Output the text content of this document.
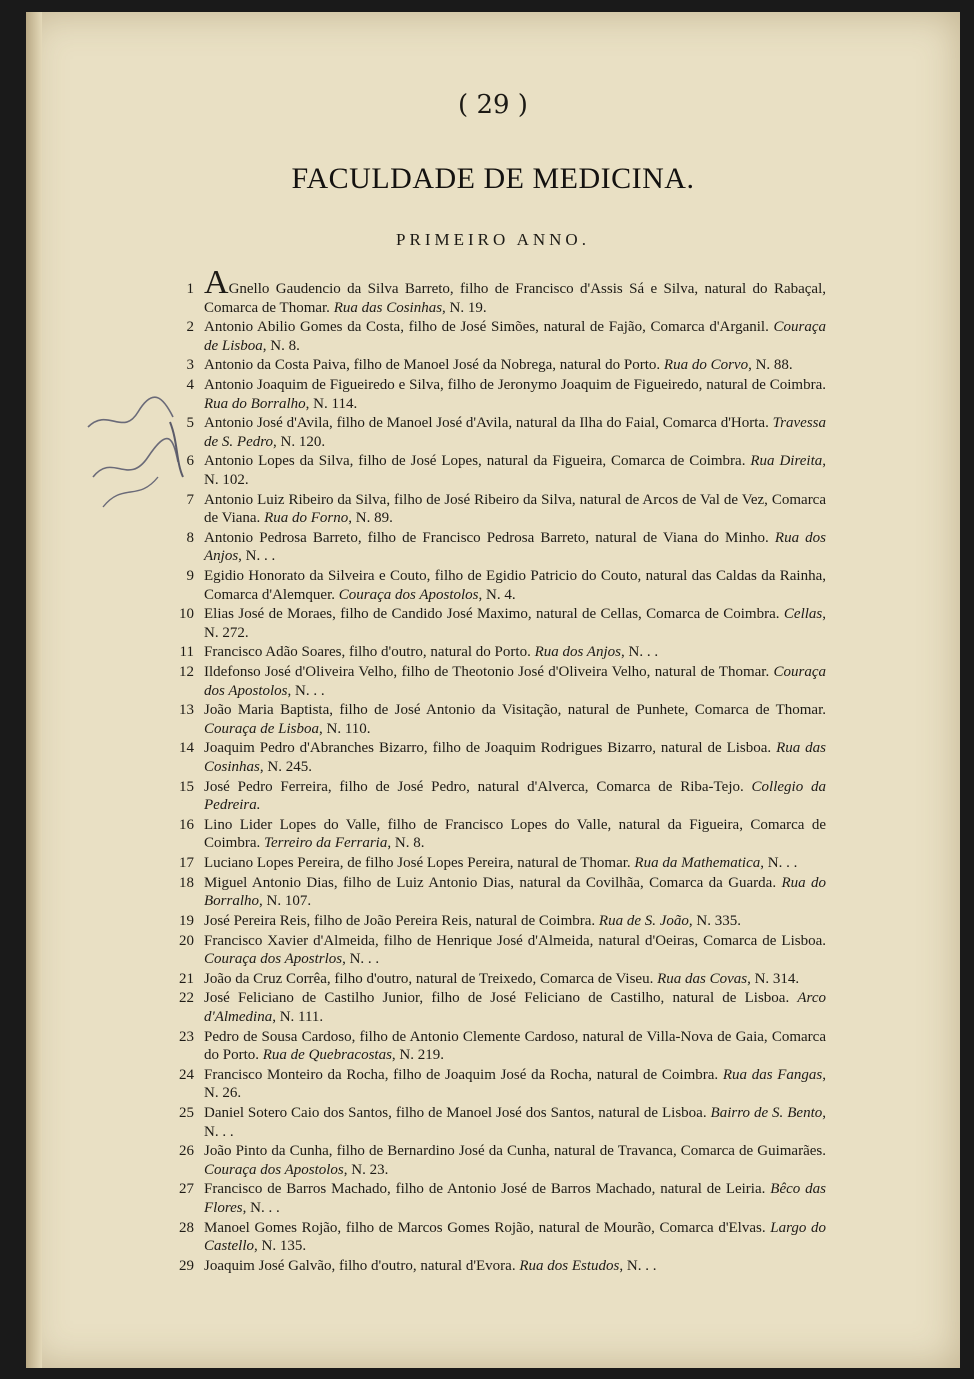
( 29 )
FACULDADE DE MEDICINA.
PRIMEIRO ANNO.
1 AGnello Gaudencio da Silva Barreto, filho de Francisco d'Assis Sá e Silva, natural do Rabaçal, Comarca de Thomar. Rua das Cosinhas, N. 19.
2 Antonio Abilio Gomes da Costa, filho de José Simões, natural de Fajão, Comarca d'Arganil. Couraça de Lisboa, N. 8.
3 Antonio da Costa Paiva, filho de Manoel José da Nobrega, natural do Porto. Rua do Corvo, N. 88.
4 Antonio Joaquim de Figueiredo e Silva, filho de Jeronymo Joaquim de Figueiredo, natural de Coimbra. Rua do Borralho, N. 114.
5 Antonio José d'Avila, filho de Manoel José d'Avila, natural da Ilha do Faial, Comarca d'Horta. Travessa de S. Pedro, N. 120.
6 Antonio Lopes da Silva, filho de José Lopes, natural da Figueira, Comarca de Coimbra. Rua Direita, N. 102.
7 Antonio Luiz Ribeiro da Silva, filho de José Ribeiro da Silva, natural de Arcos de Val de Vez, Comarca de Viana. Rua do Forno, N. 89.
8 Antonio Pedrosa Barreto, filho de Francisco Pedrosa Barreto, natural de Viana do Minho. Rua dos Anjos, N. . .
9 Egidio Honorato da Silveira e Couto, filho de Egidio Patricio do Couto, natural das Caldas da Rainha, Comarca d'Alemquer. Couraça dos Apostolos, N. 4.
10 Elias José de Moraes, filho de Candido José Maximo, natural de Cellas, Comarca de Coimbra. Cellas, N. 272.
11 Francisco Adão Soares, filho d'outro, natural do Porto. Rua dos Anjos, N. . .
12 Ildefonso José d'Oliveira Velho, filho de Theotonio José d'Oliveira Velho, natural de Thomar. Couraça dos Apostolos, N. . .
13 João Maria Baptista, filho de José Antonio da Visitação, natural de Punhete, Comarca de Thomar. Couraça de Lisboa, N. 110.
14 Joaquim Pedro d'Abranches Bizarro, filho de Joaquim Rodrigues Bizarro, natural de Lisboa. Rua das Cosinhas, N. 245.
15 José Pedro Ferreira, filho de José Pedro, natural d'Alverca, Comarca de Riba-Tejo. Collegio da Pedreira.
16 Lino Lider Lopes do Valle, filho de Francisco Lopes do Valle, natural da Figueira, Comarca de Coimbra. Terreiro da Ferraria, N. 8.
17 Luciano Lopes Pereira, de filho José Lopes Pereira, natural de Thomar. Rua da Mathematica, N. . .
18 Miguel Antonio Dias, filho de Luiz Antonio Dias, natural da Covilhãa, Comarca da Guarda. Rua do Borralho, N. 107.
19 José Pereira Reis, filho de João Pereira Reis, natural de Coimbra. Rua de S. João, N. 335.
20 Francisco Xavier d'Almeida, filho de Henrique José d'Almeida, natural d'Oeiras, Comarca de Lisboa. Couraça dos Apostrlos, N. . .
21 João da Cruz Corrêa, filho d'outro, natural de Treixedo, Comarca de Viseu. Rua das Covas, N. 314.
22 José Feliciano de Castilho Junior, filho de José Feliciano de Castilho, natural de Lisboa. Arco d'Almedina, N. 111.
23 Pedro de Sousa Cardoso, filho de Antonio Clemente Cardoso, natural de Villa-Nova de Gaia, Comarca do Porto. Rua de Quebracostas, N. 219.
24 Francisco Monteiro da Rocha, filho de Joaquim José da Rocha, natural de Coimbra. Rua das Fangas, N. 26.
25 Daniel Sotero Caio dos Santos, filho de Manoel José dos Santos, natural de Lisboa. Bairro de S. Bento, N. . .
26 João Pinto da Cunha, filho de Bernardino José da Cunha, natural de Travanca, Comarca de Guimarães. Couraça dos Apostolos, N. 23.
27 Francisco de Barros Machado, filho de Antonio José de Barros Machado, natural de Leiria. Bêco das Flores, N. . .
28 Manoel Gomes Rojão, filho de Marcos Gomes Rojão, natural de Mourão, Comarca d'Elvas. Largo do Castello, N. 135.
29 Joaquim José Galvão, filho d'outro, natural d'Evora. Rua dos Estudos, N. . .
